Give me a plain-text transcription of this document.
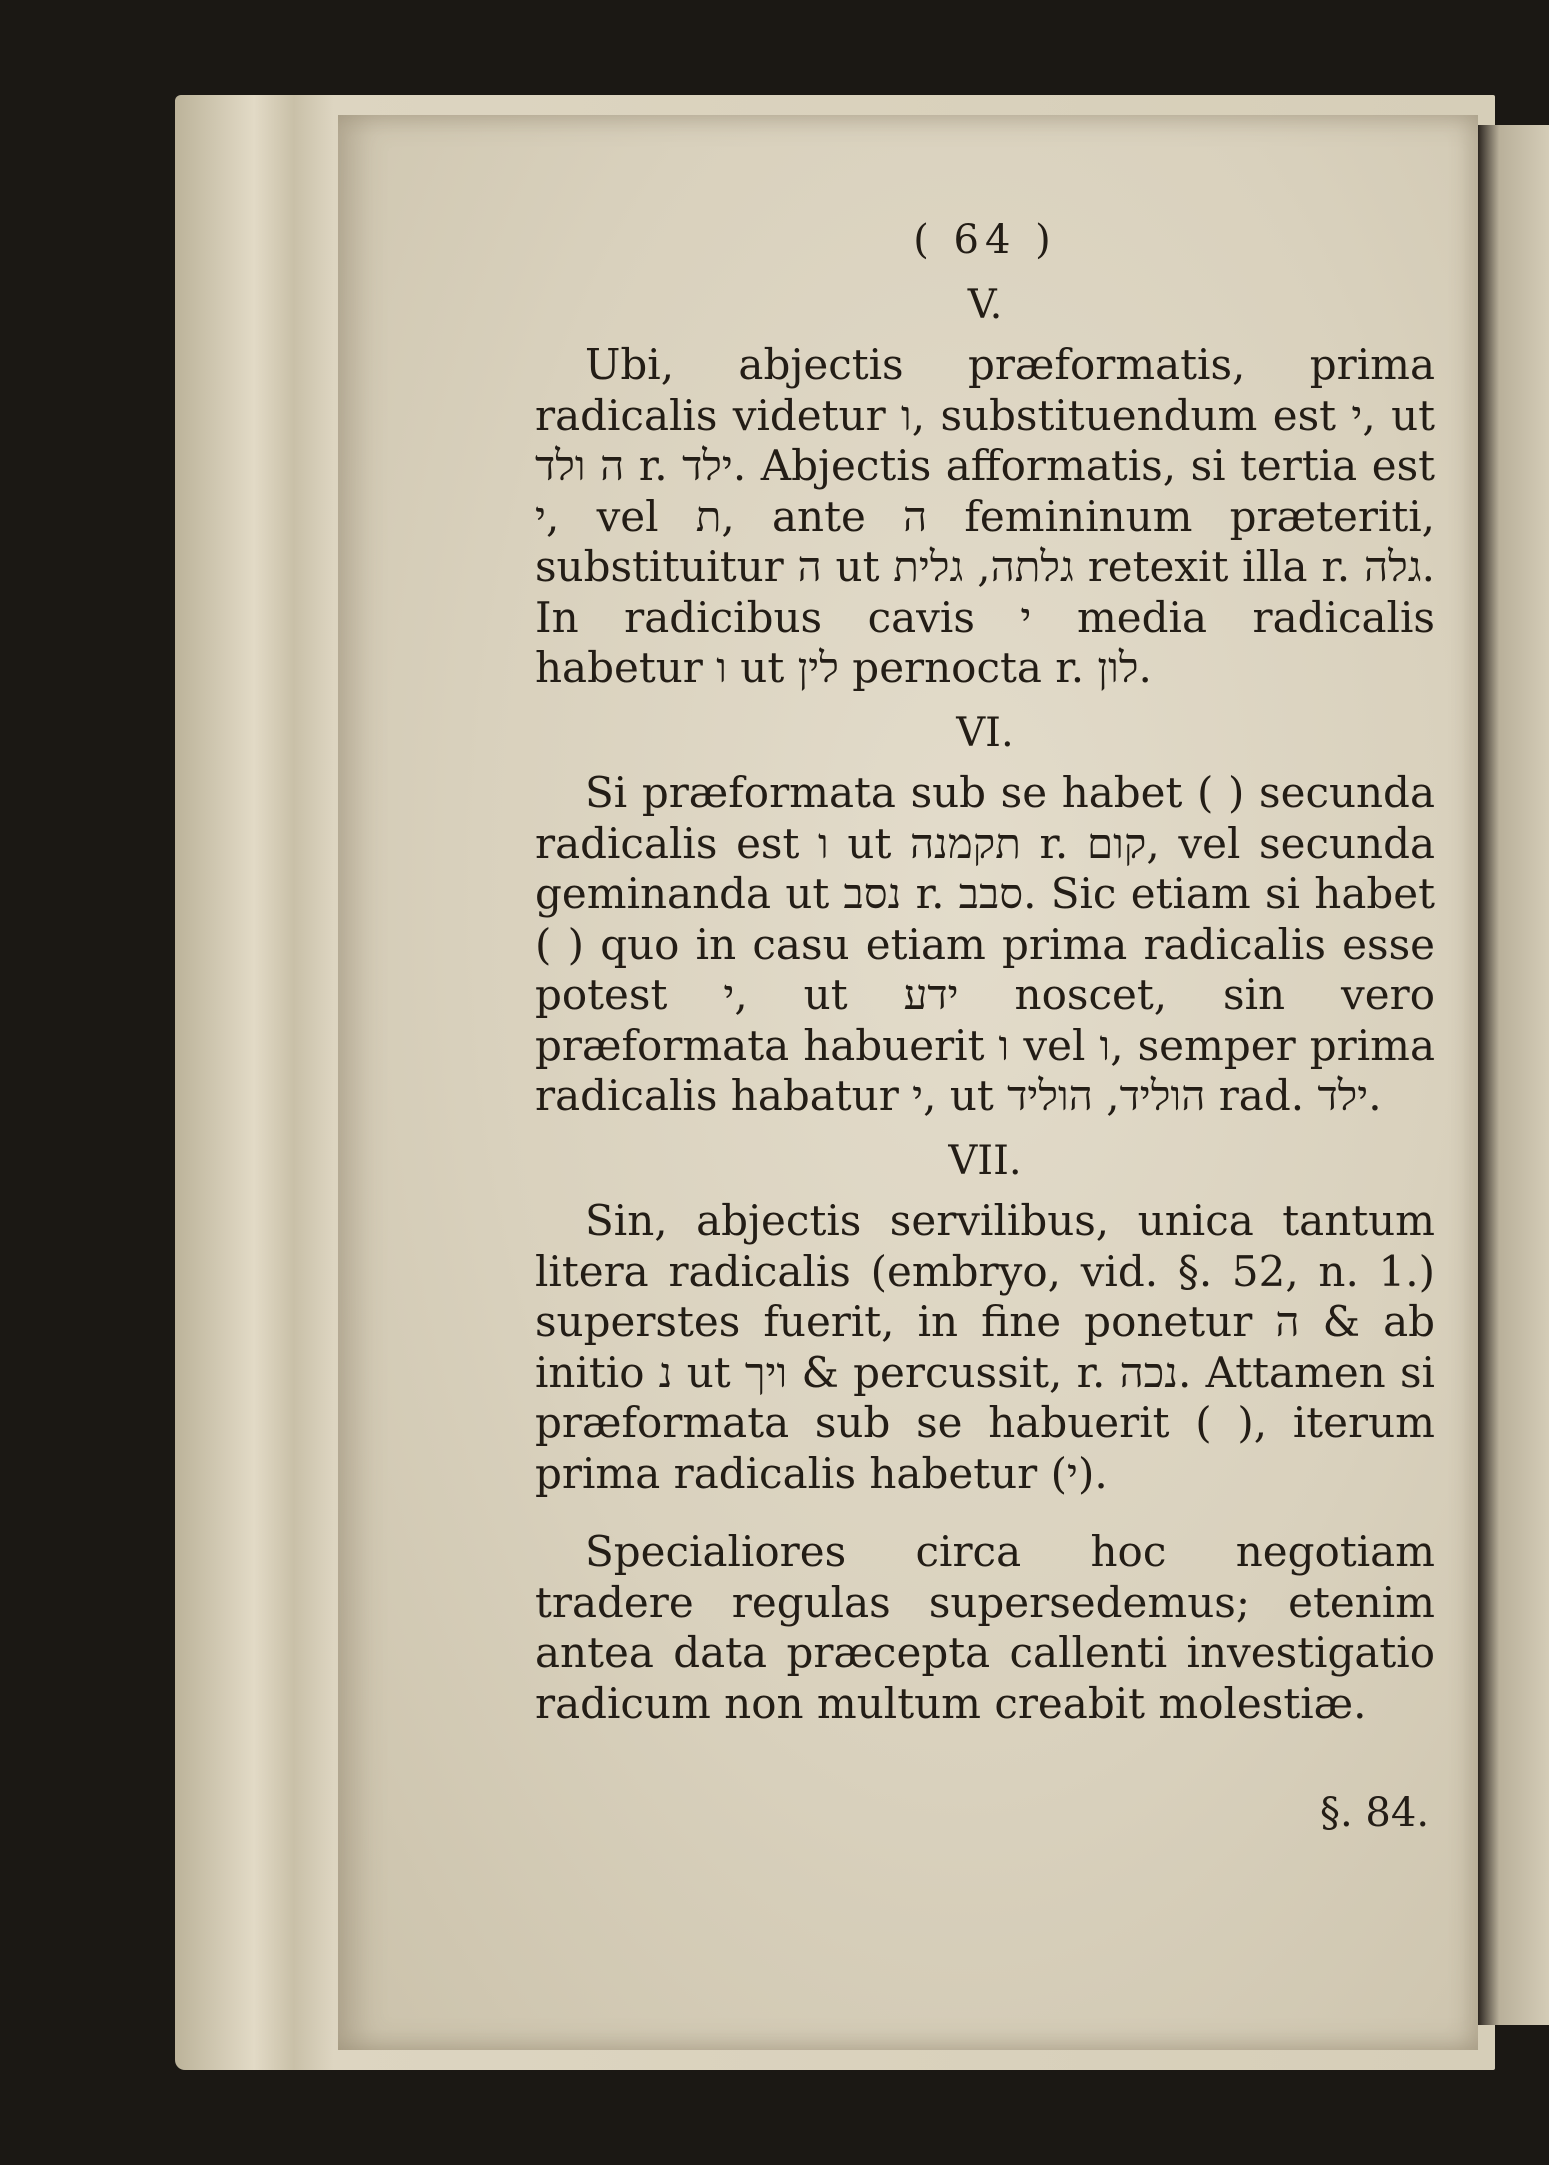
( 64 )
V.

Ubi, abjectis præformatis, prima radicalis videtur ו, substituendum est י, ut ה ולד r. ילד. Abjectis afformatis, si tertia est י, vel ת, ante ה femininum præteriti, substituitur ה ut גלתה, גלית retexit illa r. גלה. In radicibus cavis י media radicalis habetur ו ut לין pernocta r. לון.

VI.

Si præformata sub se habet ( ) secunda radicalis est ו ut תקמנה r. קום, vel secunda geminanda ut נסב r. סבב. Sic etiam si habet ( ) quo in casu etiam prima radicalis esse potest י, ut ידע noscet, sin vero præformata habuerit ו vel ו, semper prima radicalis habatur י, ut הוליד, הוליד rad. ילד.

VII.

Sin, abjectis servilibus, unica tantum litera radicalis (embryo, vid. §. 52, n. 1.) superstes fuerit, in fine ponetur ה & ab initio נ ut ויך & percussit, r. נכה. Attamen si præformata sub se habuerit ( ), iterum prima radicalis habetur (י).

Specialiores circa hoc negotiam tradere regulas supersedemus; etenim antea data præcepta callenti investigatio radicum non multum creabit molestiæ.

§. 84.
